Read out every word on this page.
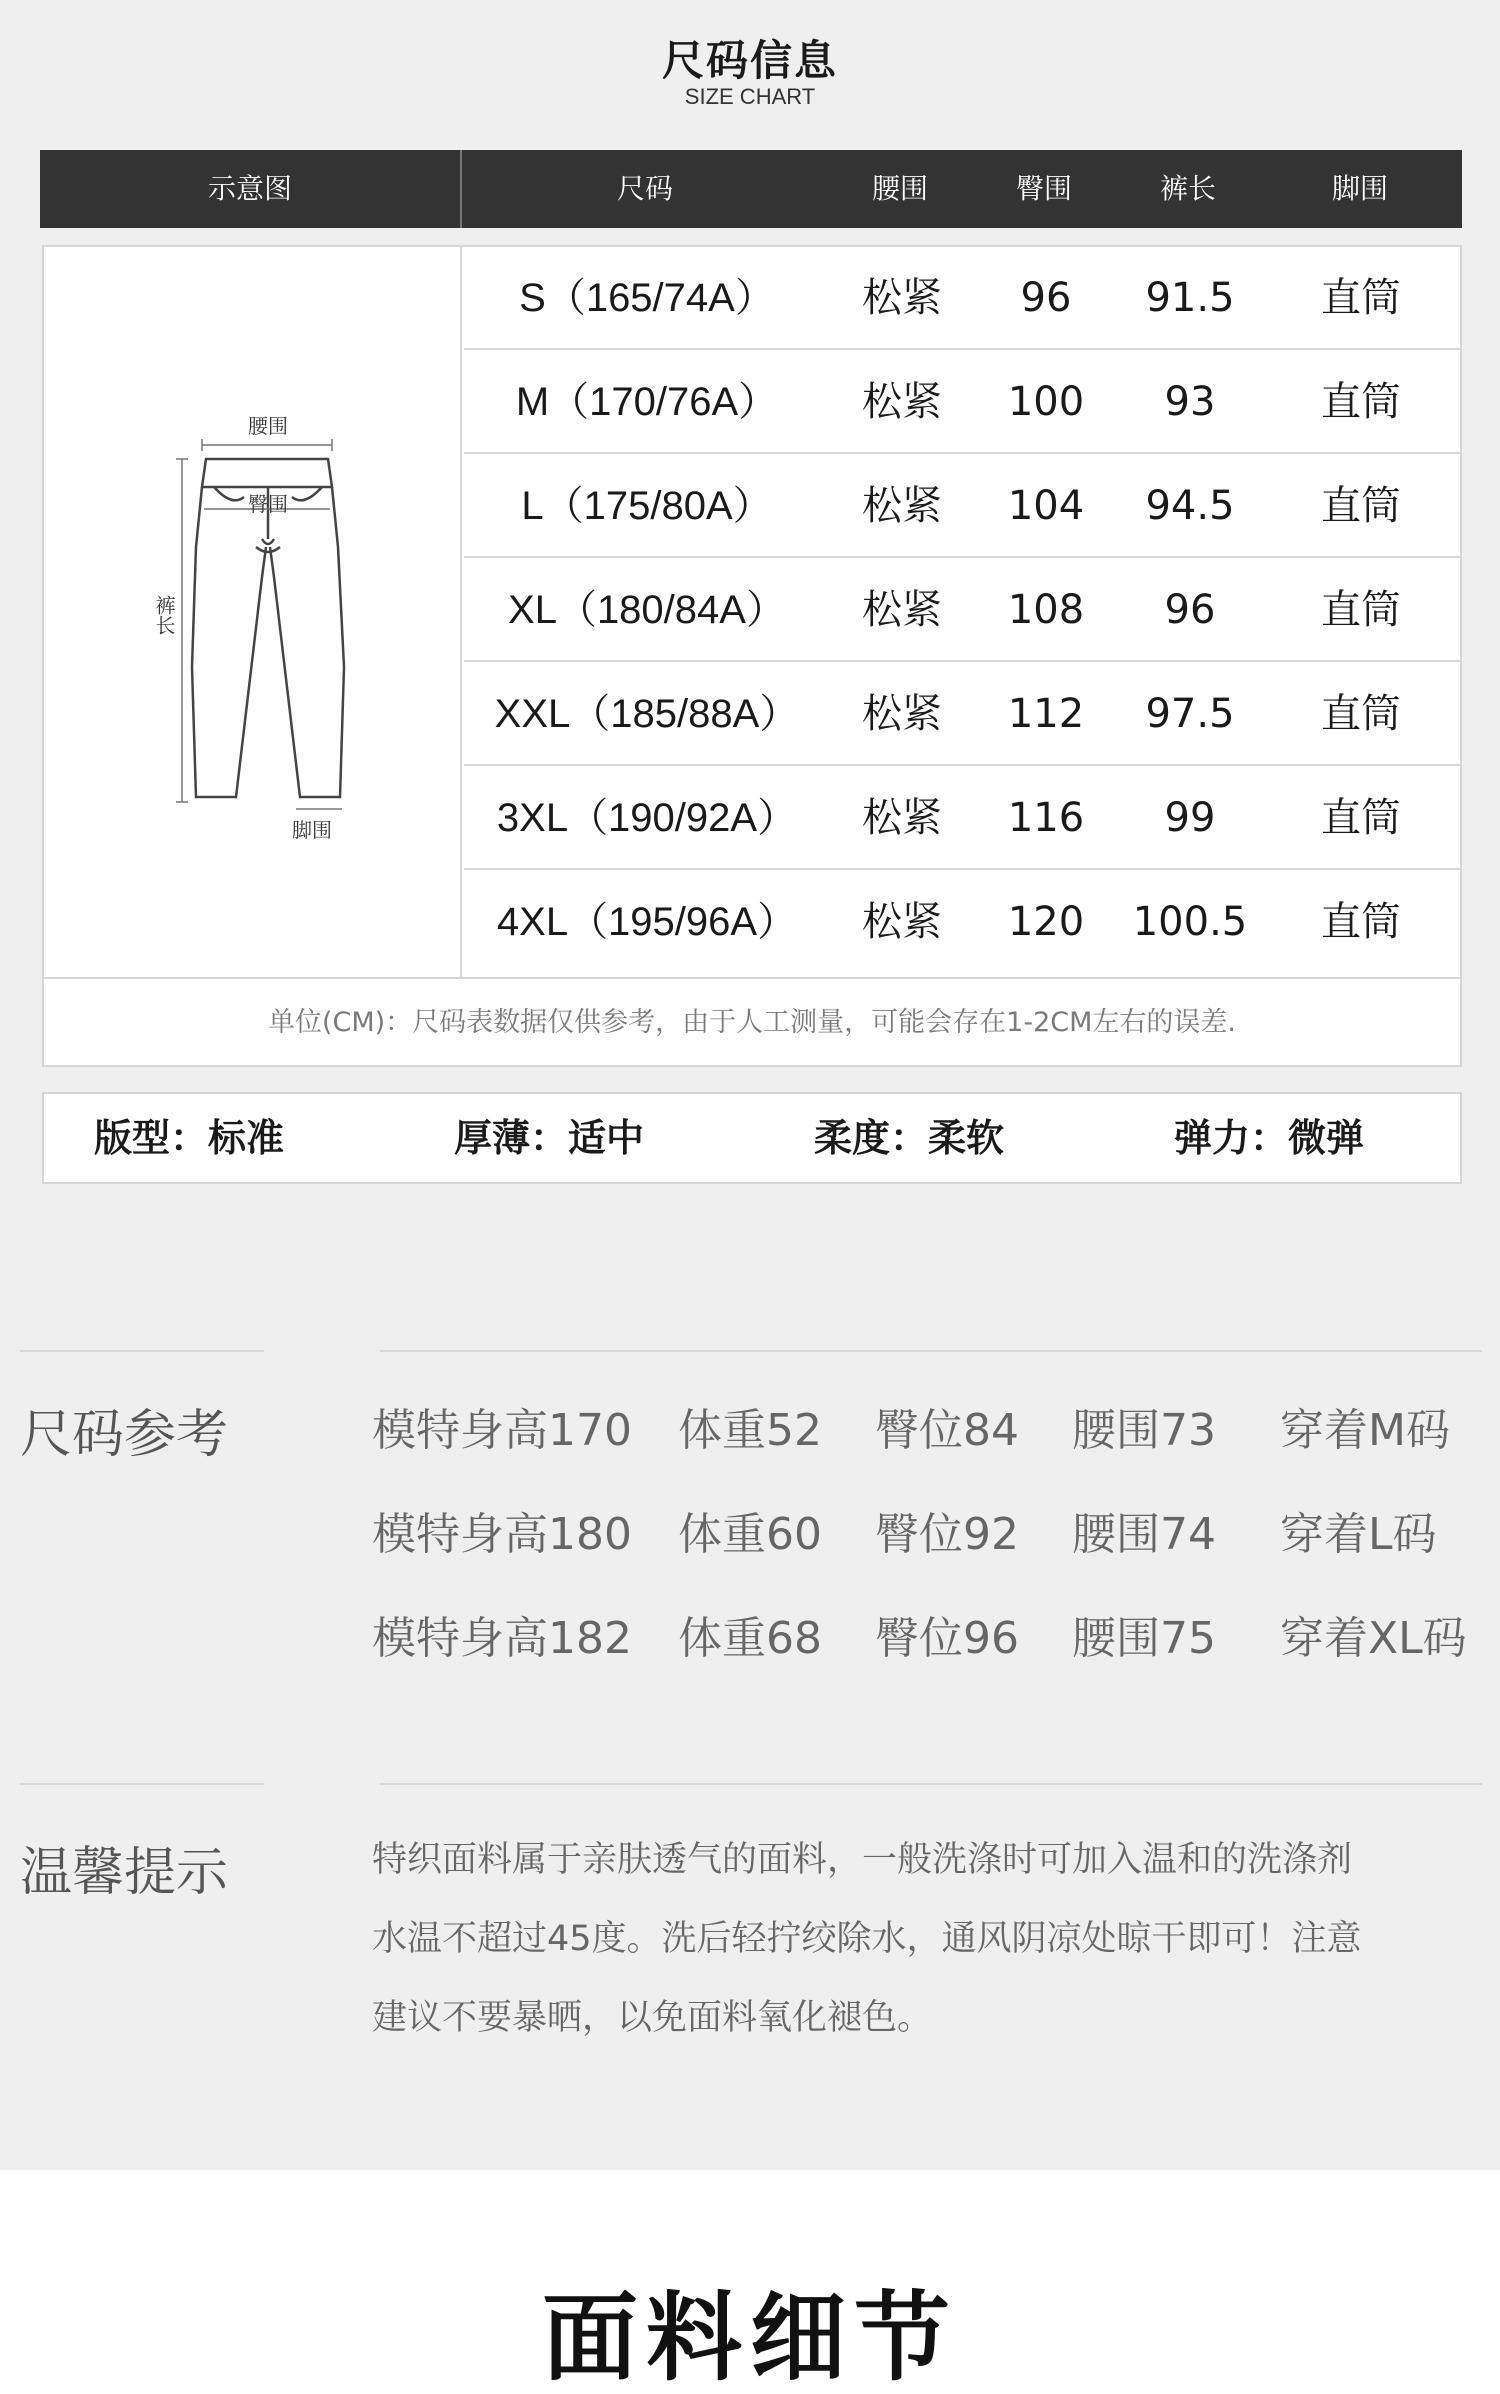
尺码信息
SIZE CHART
示意图	尺码	腰围	臀围	裤长	脚围
腰围
臀围
裤长
脚围
S（165/74A）	松紧	96	91.5	直筒
M（170/76A）	松紧	100	93	直筒
L（175/80A）	松紧	104	94.5	直筒
XL（180/84A）	松紧	108	96	直筒
XXL（185/88A）	松紧	112	97.5	直筒
3XL（190/92A）	松紧	116	99	直筒
4XL（195/96A）	松紧	120	100.5	直筒
单位(CM)：尺码表数据仅供参考，由于人工测量，可能会存在1-2CM左右的误差.
版型：标准	厚薄：适中	柔度：柔软	弹力：微弹
尺码参考	模特身高170 体重52 臀位84 腰围73 穿着M码
模特身高180 体重60 臀位92 腰围74 穿着L码
模特身高182 体重68 臀位96 腰围75 穿着XL码
温馨提示	特织面料属于亲肤透气的面料，一般洗涤时可加入温和的洗涤剂
水温不超过45度。洗后轻拧绞除水，通风阴凉处晾干即可！注意
建议不要暴晒，以免面料氧化褪色。
面料细节
